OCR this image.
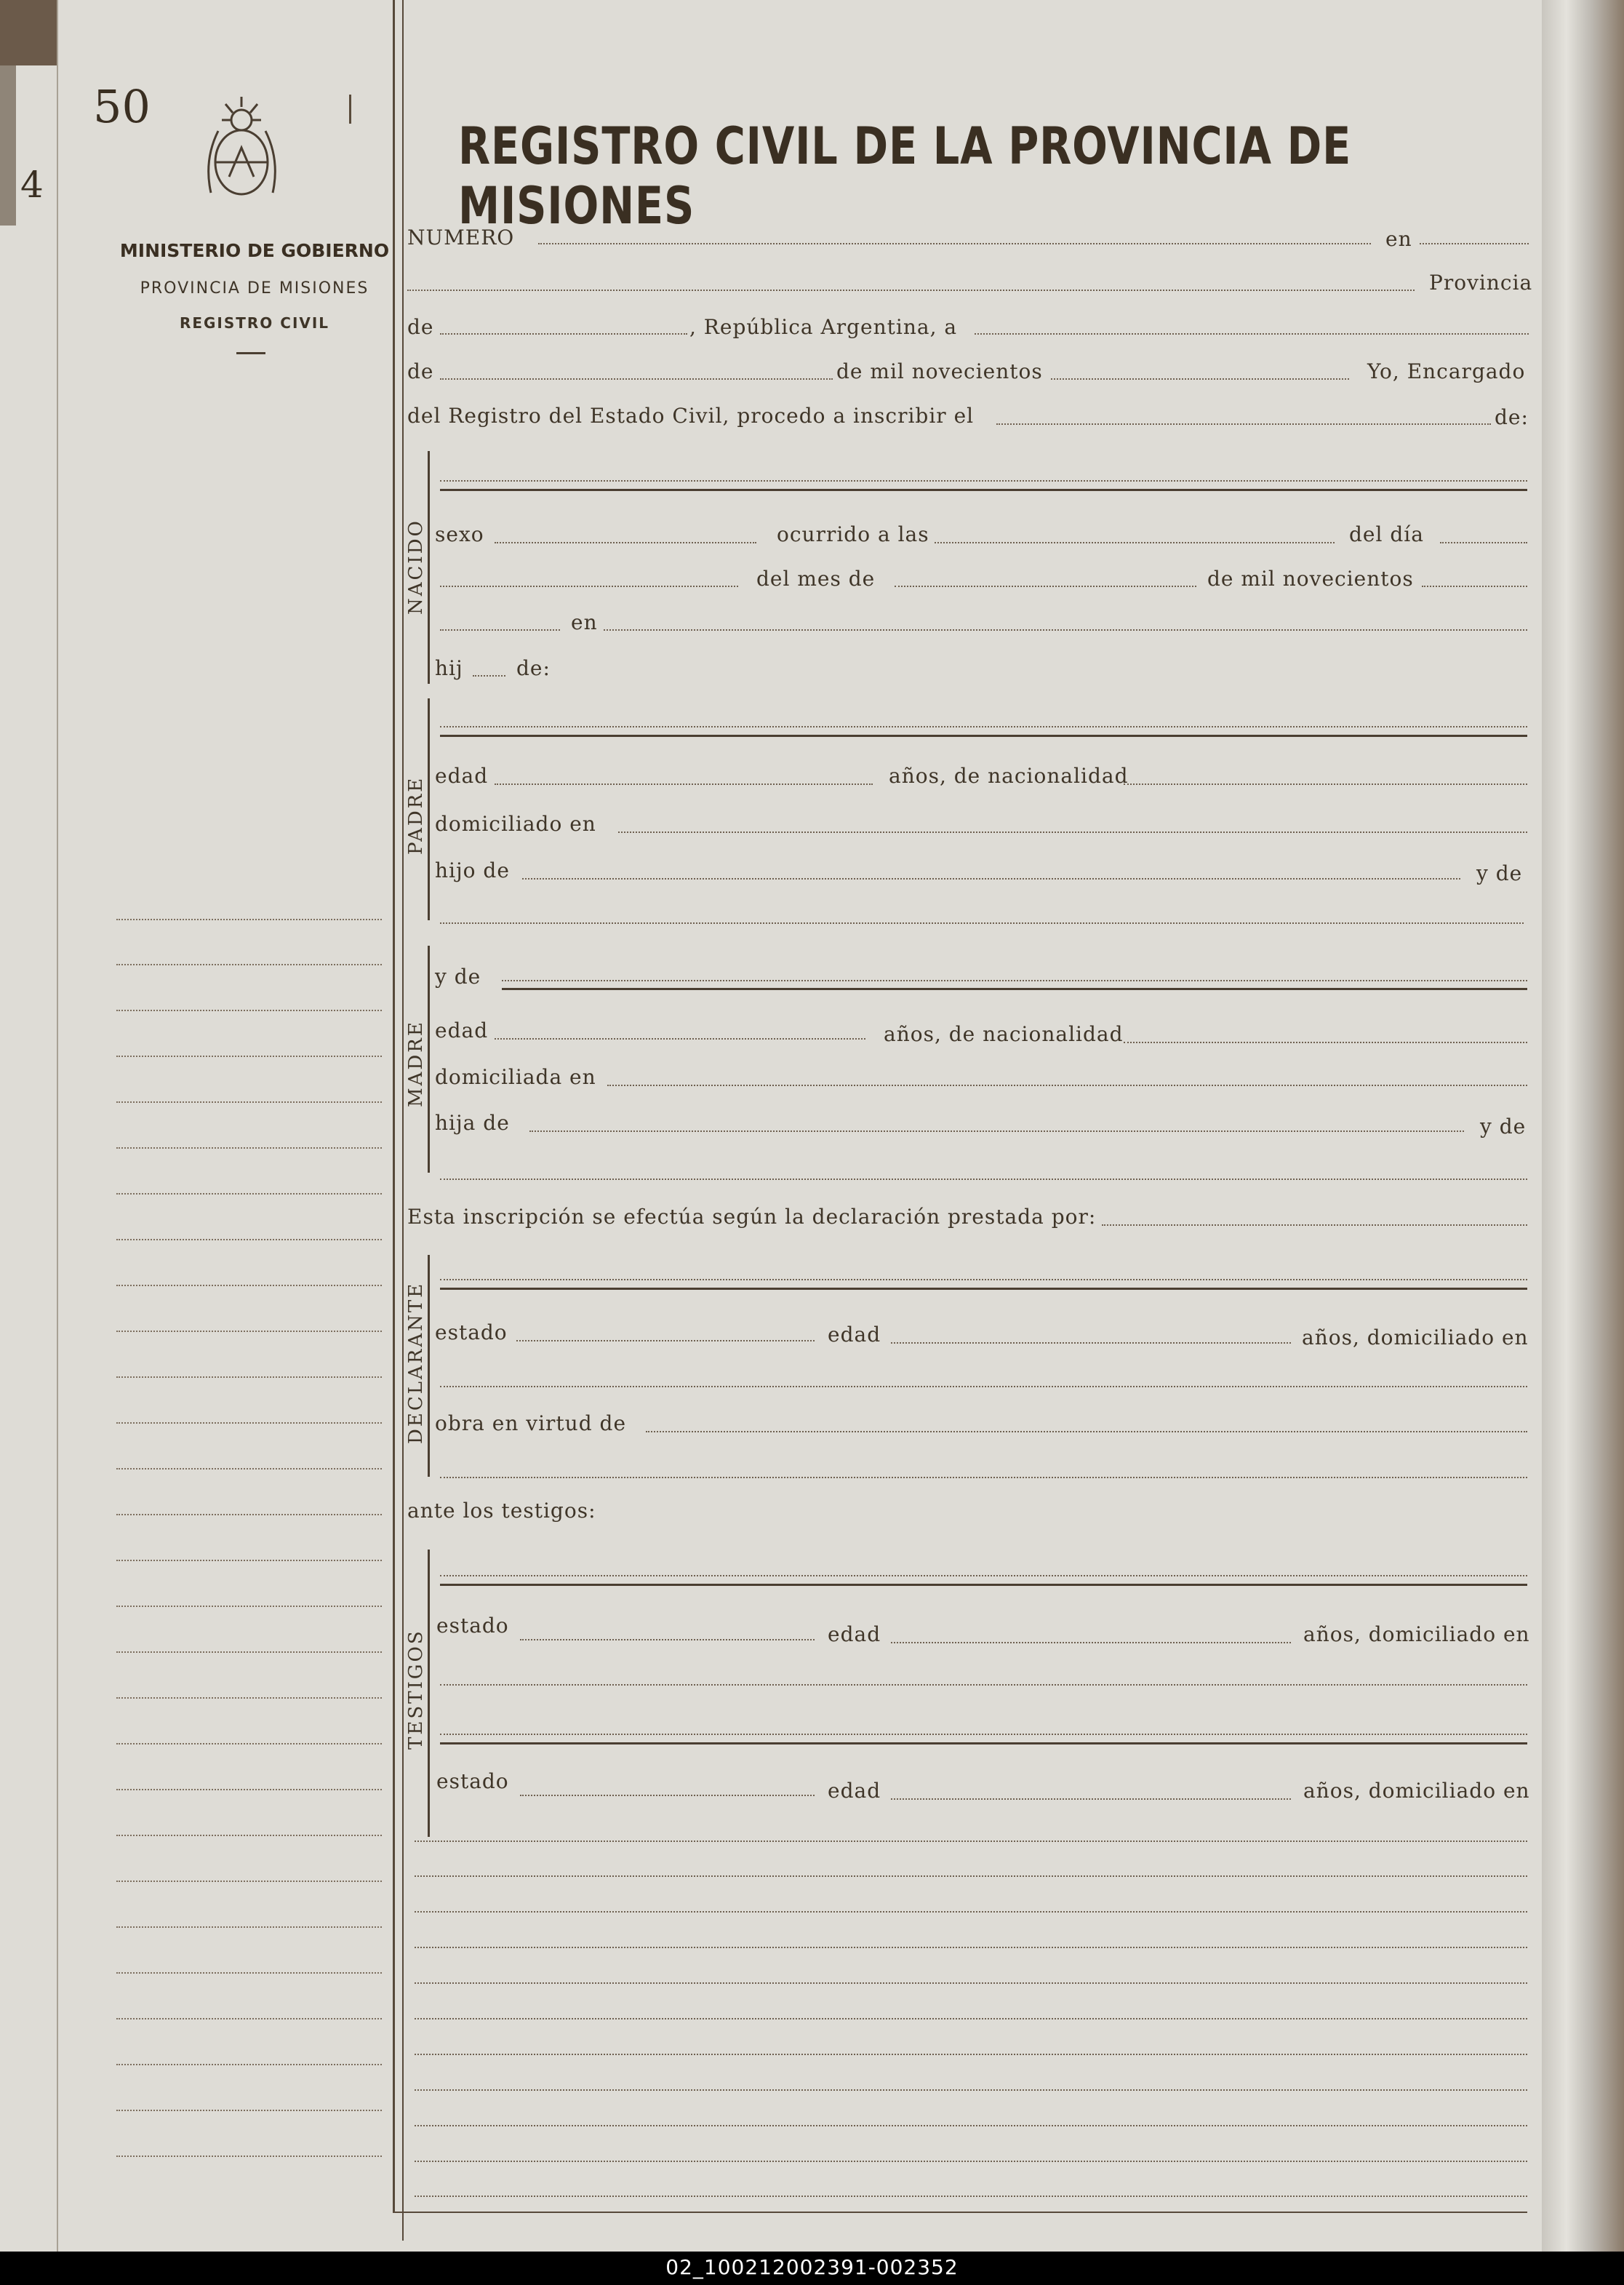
50
4
MINISTERIO DE GOBIERNO
PROVINCIA DE MISIONES
REGISTRO CIVIL
REGISTRO CIVIL DE LA PROVINCIA DE MISIONES
NUMERO	en
Provincia
de	, República Argentina, a
de	de mil novecientos	Yo, Encargado
del Registro del Estado Civil, procedo a inscribir el	de:
NACIDO sexo	ocurrido a las	del día
del mes de	de mil novecientos
en
hij	de:
PADRE
edad	años, de nacionalidad
domiciliado en
hijo de	y de
MADRE
y de
edad	años, de nacionalidad
domiciliada en
hija de	y de
Esta inscripción se efectúa según la declaración prestada por:
DECLARANTE estado	edad	años, domiciliado en
obra en virtud de
ante los testigos:
TESTIGOS
estado	edad	años, domiciliado en
estado	edad	años, domiciliado en
02_100212002391-002352
